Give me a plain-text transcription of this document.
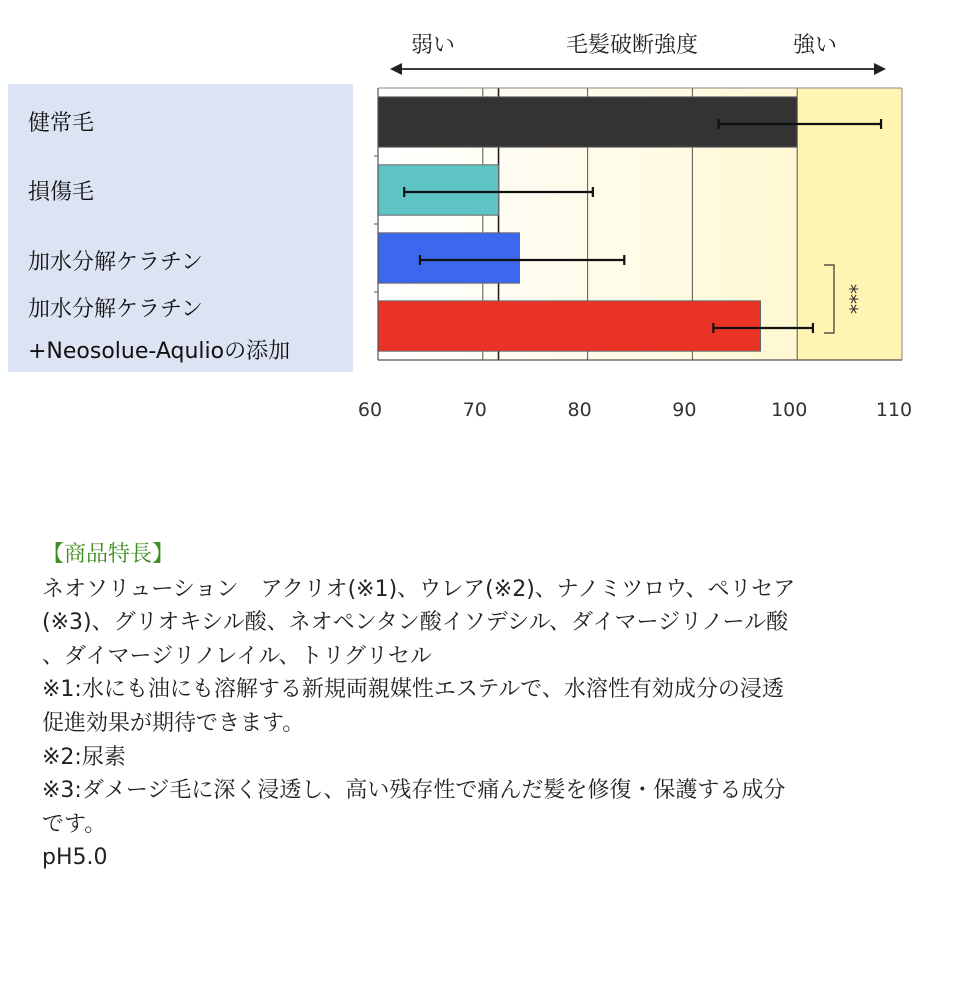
弱い	毛髪破断強度	強い
健常毛
損傷毛
加水分解ケラチン
加水分解ケラチン
+Neosolue-Aqulioの添加
60	70	80	90	100	110
***
【商品特長】
ネオソリューション　アクリオ(※1)、ウレア(※2)、ナノミツロウ、ペリセア
(※3)、グリオキシル酸、ネオペンタン酸イソデシル、ダイマージリノール酸
、ダイマージリノレイル、トリグリセル
※1:水にも油にも溶解する新規両親媒性エステルで、水溶性有効成分の浸透
促進効果が期待できます。
※2:尿素
※3:ダメージ毛に深く浸透し、高い残存性で痛んだ髪を修復・保護する成分
です。
pH5.0
